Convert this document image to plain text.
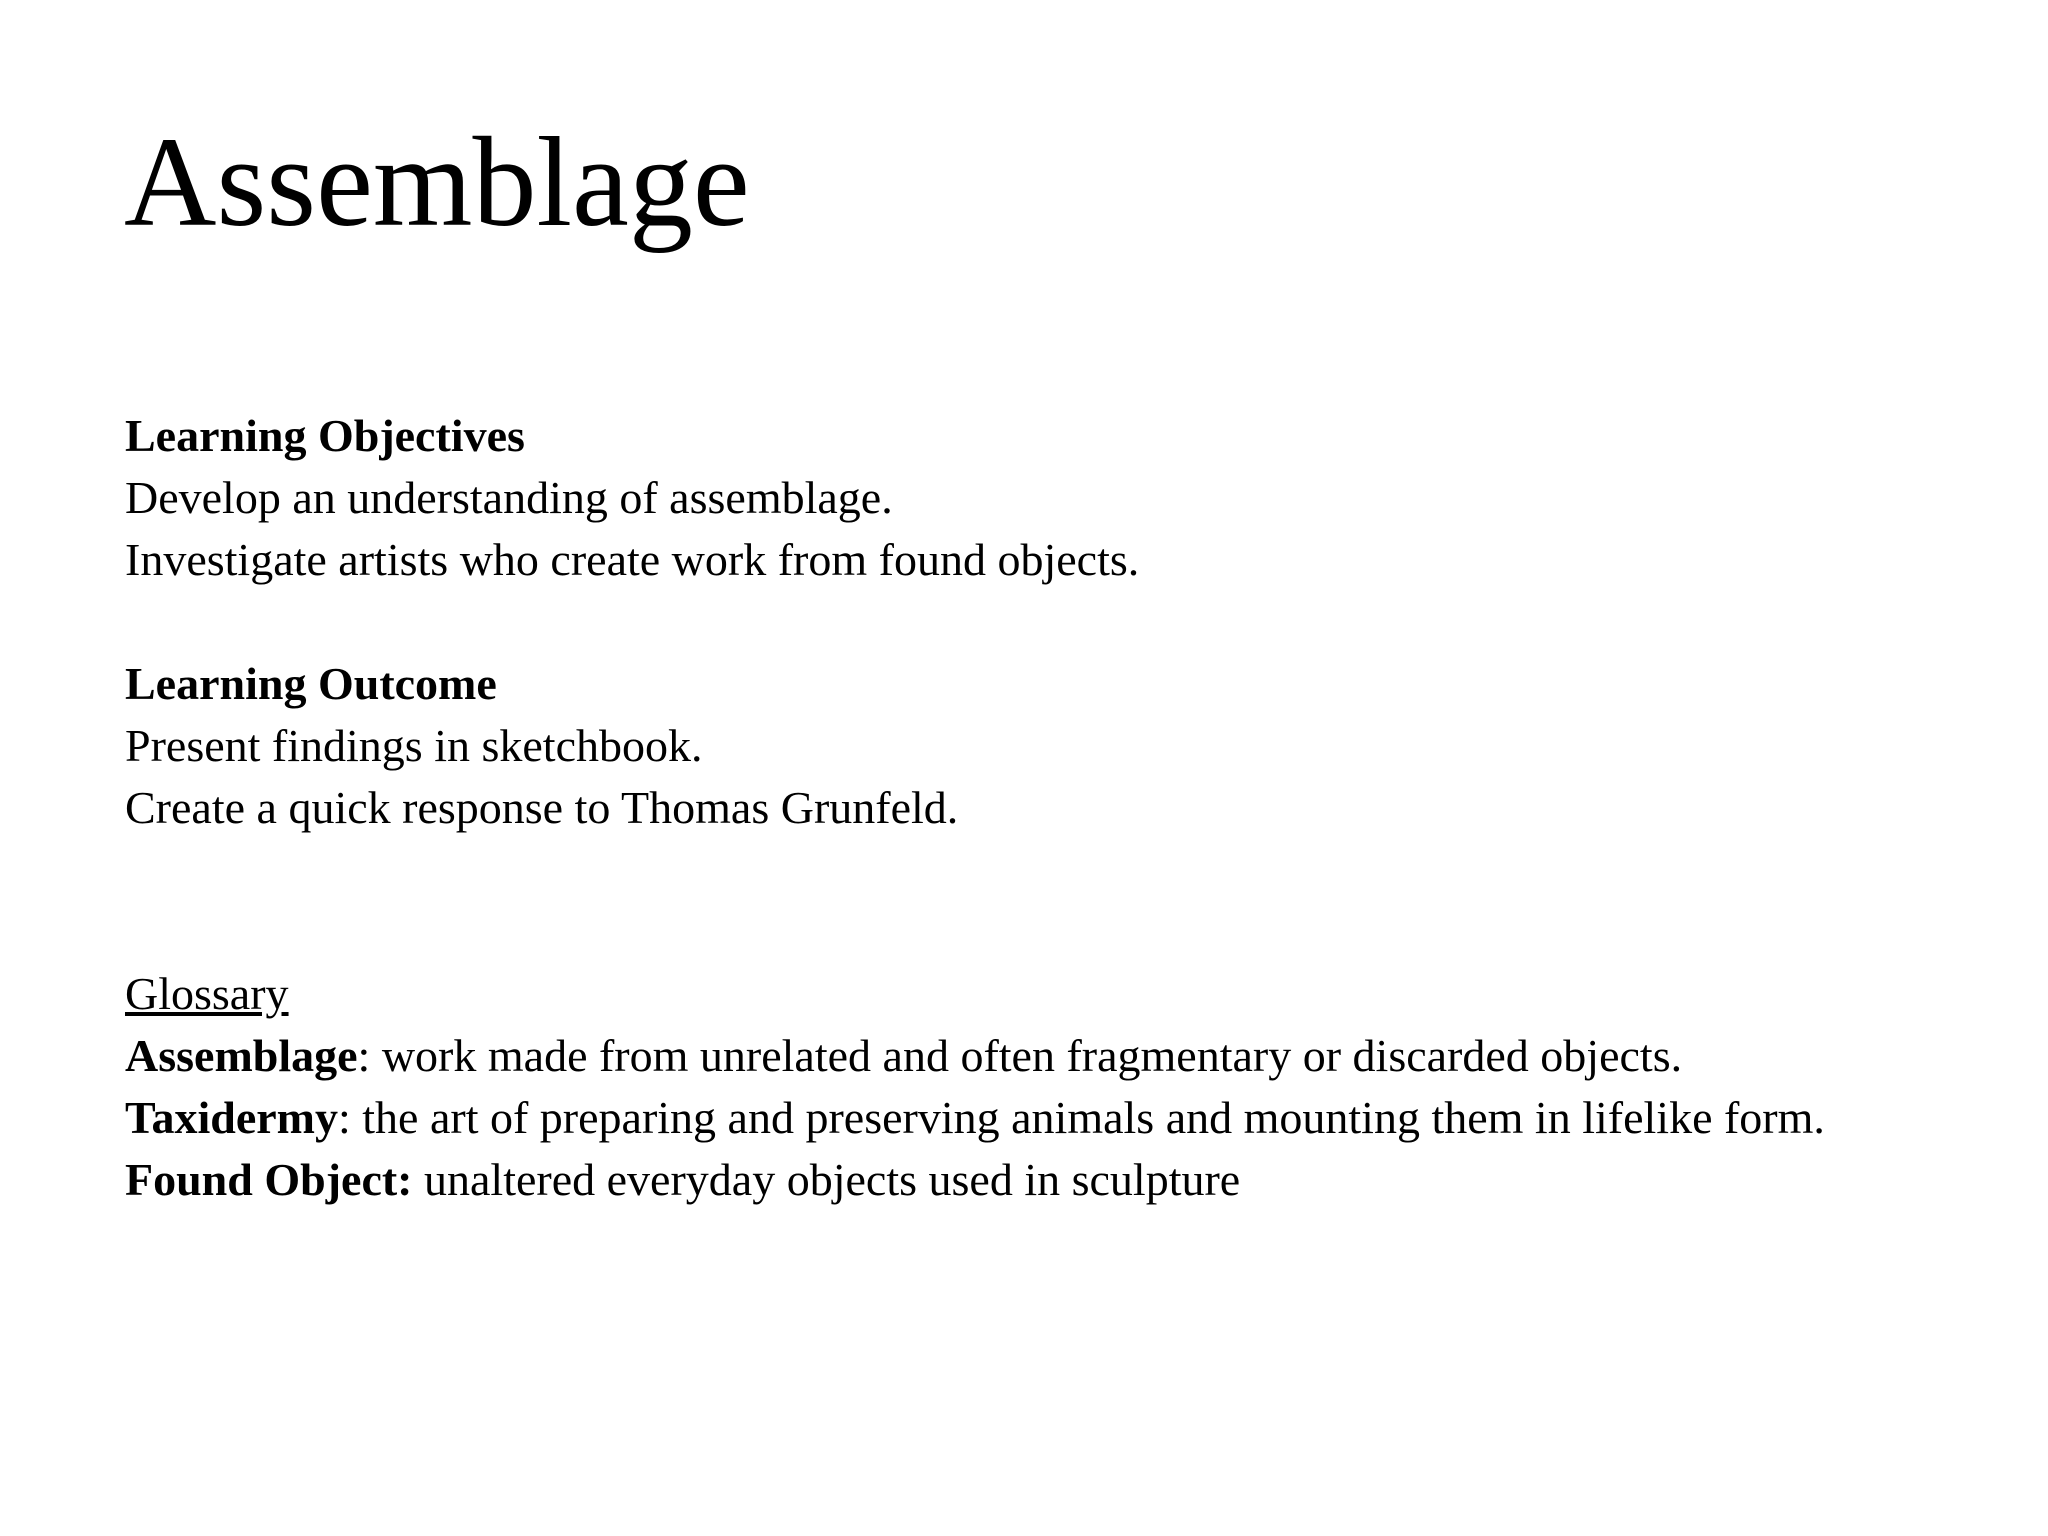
Assemblage
Learning Objectives
Develop an understanding of assemblage.
Investigate artists who create work from found objects.
Learning Outcome
Present findings in sketchbook.
Create a quick response to Thomas Grunfeld.
Glossary
Assemblage: work made from unrelated and often fragmentary or discarded objects.
Taxidermy: the art of preparing and preserving animals and mounting them in lifelike form.
Found Object: unaltered everyday objects used in sculpture
